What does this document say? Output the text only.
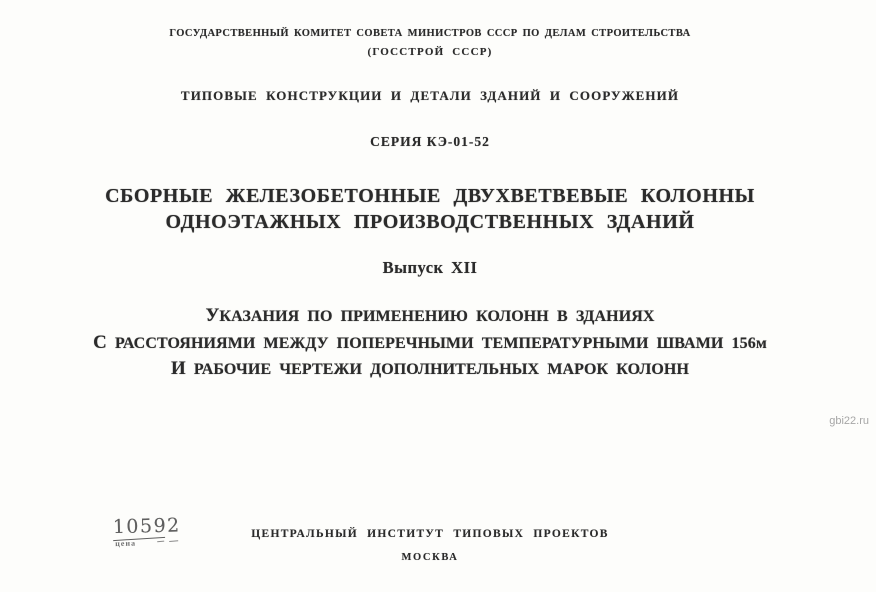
ГОСУДАРСТВЕННЫЙ КОМИТЕТ СОВЕТА МИНИСТРОВ СССР ПО ДЕЛАМ СТРОИТЕЛЬСТВА
(ГОССТРОЙ СССР)
ТИПОВЫЕ КОНСТРУКЦИИ И ДЕТАЛИ ЗДАНИЙ И СООРУЖЕНИЙ
СЕРИЯ КЭ-01-52
СБОРНЫЕ ЖЕЛЕЗОБЕТОННЫЕ ДВУХВЕТВЕВЫЕ КОЛОННЫ
ОДНОЭТАЖНЫХ ПРОИЗВОДСТВЕННЫХ ЗДАНИЙ
Выпуск XII
УКАЗАНИЯ ПО ПРИМЕНЕНИЮ КОЛОНН В ЗДАНИЯХ
С РАССТОЯНИЯМИ МЕЖДУ ПОПЕРЕЧНЫМИ ТЕМПЕРАТУРНЫМИ ШВАМИ 156м
И РАБОЧИЕ ЧЕРТЕЖИ ДОПОЛНИТЕЛЬНЫХ МАРОК КОЛОНН
gbi22.ru
10592
цена
ЦЕНТРАЛЬНЫЙ ИНСТИТУТ ТИПОВЫХ ПРОЕКТОВ
МОСКВА
